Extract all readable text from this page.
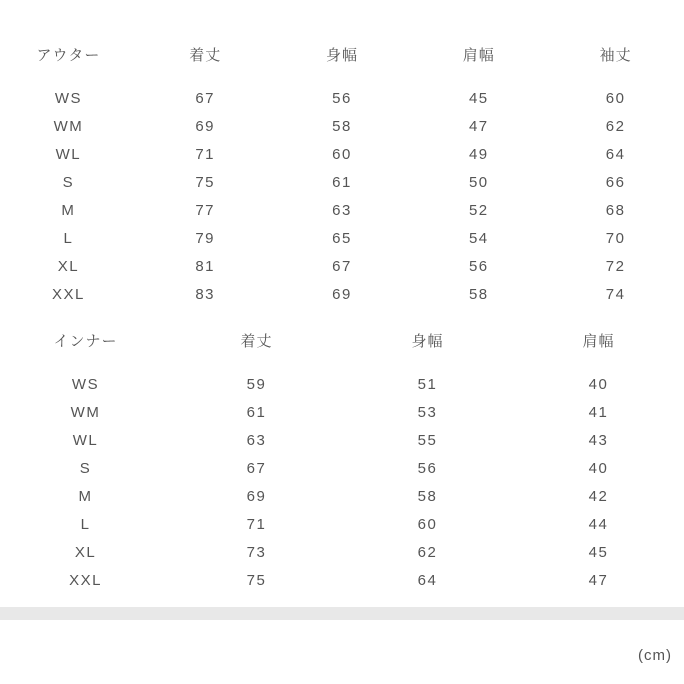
アウター	着丈	身幅	肩幅	袖丈
WS	67	56	45	60
WM	69	58	47	62
WL	71	60	49	64
S	75	61	50	66
M	77	63	52	68
L	79	65	54	70
XL	81	67	56	72
XXL	83	69	58	74
インナー	着丈	身幅	肩幅
WS	59	51	40
WM	61	53	41
WL	63	55	43
S	67	56	40
M	69	58	42
L	71	60	44
XL	73	62	45
XXL	75	64	47
(cm)
